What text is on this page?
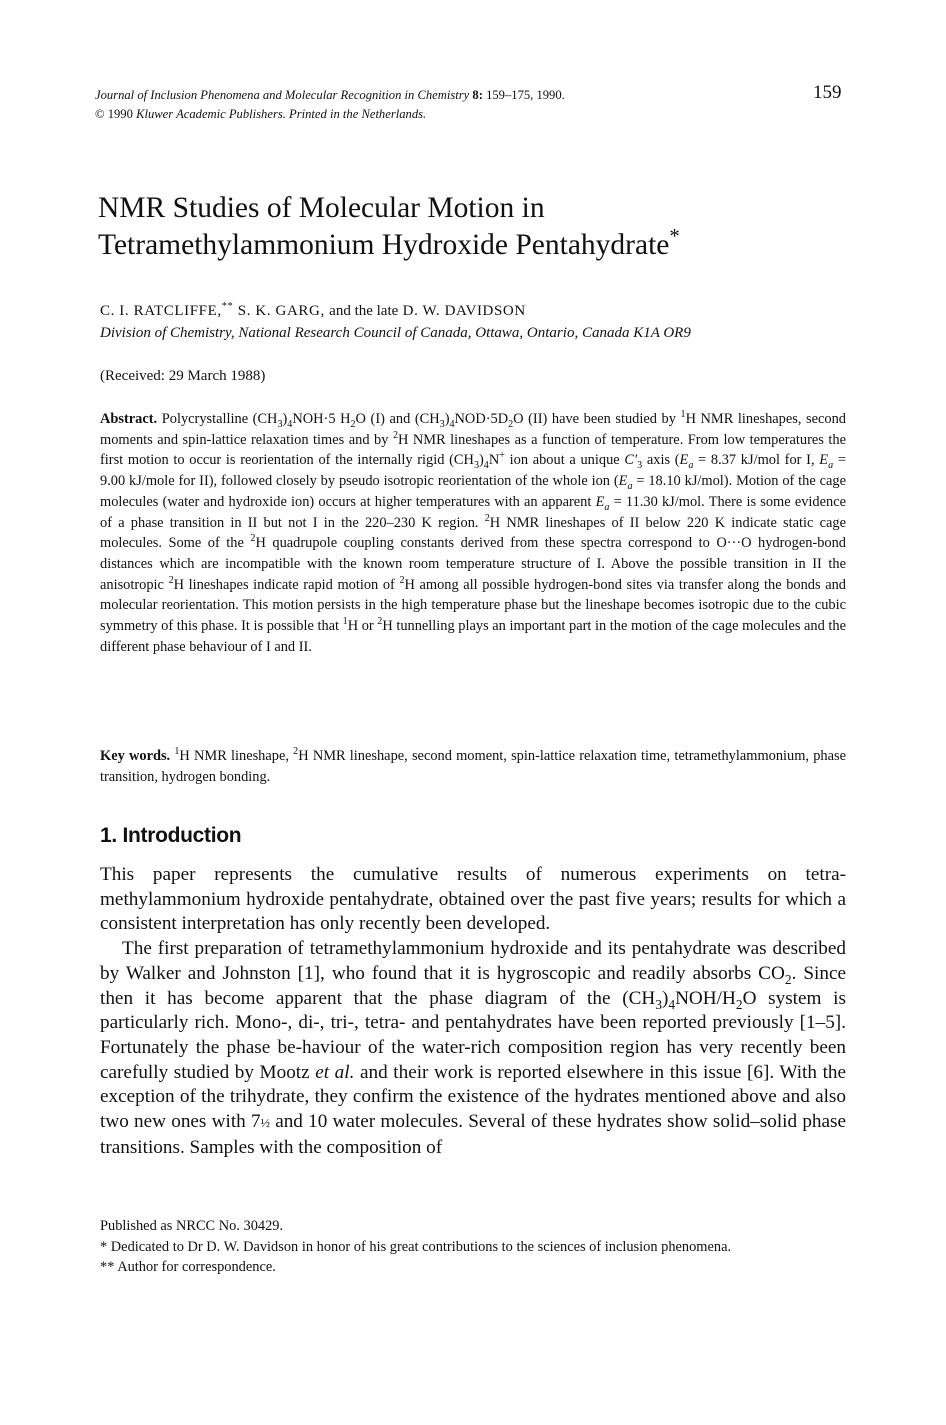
Journal of Inclusion Phenomena and Molecular Recognition in Chemistry 8: 159–175, 1990.
© 1990 Kluwer Academic Publishers. Printed in the Netherlands.
159
NMR Studies of Molecular Motion in
Tetramethylammonium Hydroxide Pentahydrate*
C. I. RATCLIFFE,** S. K. GARG, and the late D. W. DAVIDSON
Division of Chemistry, National Research Council of Canada, Ottawa, Ontario, Canada K1A OR9
(Received: 29 March 1988)

Abstract. Polycrystalline $(CH_3)_4NOH\cdot 5$ $H_2O$ (I) and $(CH_3)_4NOD\cdot 5D_2O$ (II) have been studied by $^1$H NMR lineshapes, second moments and spin-lattice relaxation times and by $^2$H NMR lineshapes as a function of temperature. From low temperatures the first motion to occur is reorientation of the internally rigid $(CH_3)_4N^+$ ion about a unique $C'_3$ axis ($E_a = 8.37$ kJ/mol for I, $E_a = 9.00$ kJ/mole for II), followed closely by pseudo isotropic reorientation of the whole ion ($E_a = 18.10$ kJ/mol). Motion of the cage molecules (water and hydroxide ion) occurs at higher temperatures with an apparent $E_a = 11.30$ kJ/mol. There is some evidence of a phase transition in II but not I in the 220–230 K region. $^2$H NMR lineshapes of II below 220 K indicate static cage molecules. Some of the $^2$H quadrupole coupling constants derived from these spectra correspond to O···O hydrogen-bond distances which are incompatible with the known room temperature structure of I. Above the possible transition in II the anisotropic $^2$H lineshapes indicate rapid motion of $^2$H among all possible hydrogen-bond sites via transfer along the bonds and molecular reorientation. This motion persists in the high temperature phase but the lineshape becomes isotropic due to the cubic symmetry of this phase. It is possible that $^1$H or $^2$H tunnelling plays an important part in the motion of the cage molecules and the different phase behaviour of I and II.

Key words. $^1$H NMR lineshape, $^2$H NMR lineshape, second moment, spin-lattice relaxation time, tetramethylammonium, phase transition, hydrogen bonding.

1. Introduction

This paper represents the cumulative results of numerous experiments on tetra-methylammonium hydroxide pentahydrate, obtained over the past five years; results for which a consistent interpretation has only recently been developed.

The first preparation of tetramethylammonium hydroxide and its pentahydrate was described by Walker and Johnston [1], who found that it is hygroscopic and readily absorbs $CO_2$. Since then it has become apparent that the phase diagram of the $(CH_3)_4NOH/H_2O$ system is particularly rich. Mono-, di-, tri-, tetra- and pentahydrates have been reported previously [1–5]. Fortunately the phase be-haviour of the water-rich composition region has very recently been carefully studied by Mootz et al. and their work is reported elsewhere in this issue [6]. With the exception of the trihydrate, they confirm the existence of the hydrates mentioned above and also two new ones with 7½ and 10 water molecules. Several of these hydrates show solid–solid phase transitions. Samples with the composition of

Published as NRCC No. 30429.
* Dedicated to Dr D. W. Davidson in honor of his great contributions to the sciences of inclusion phenomena.
** Author for correspondence.
